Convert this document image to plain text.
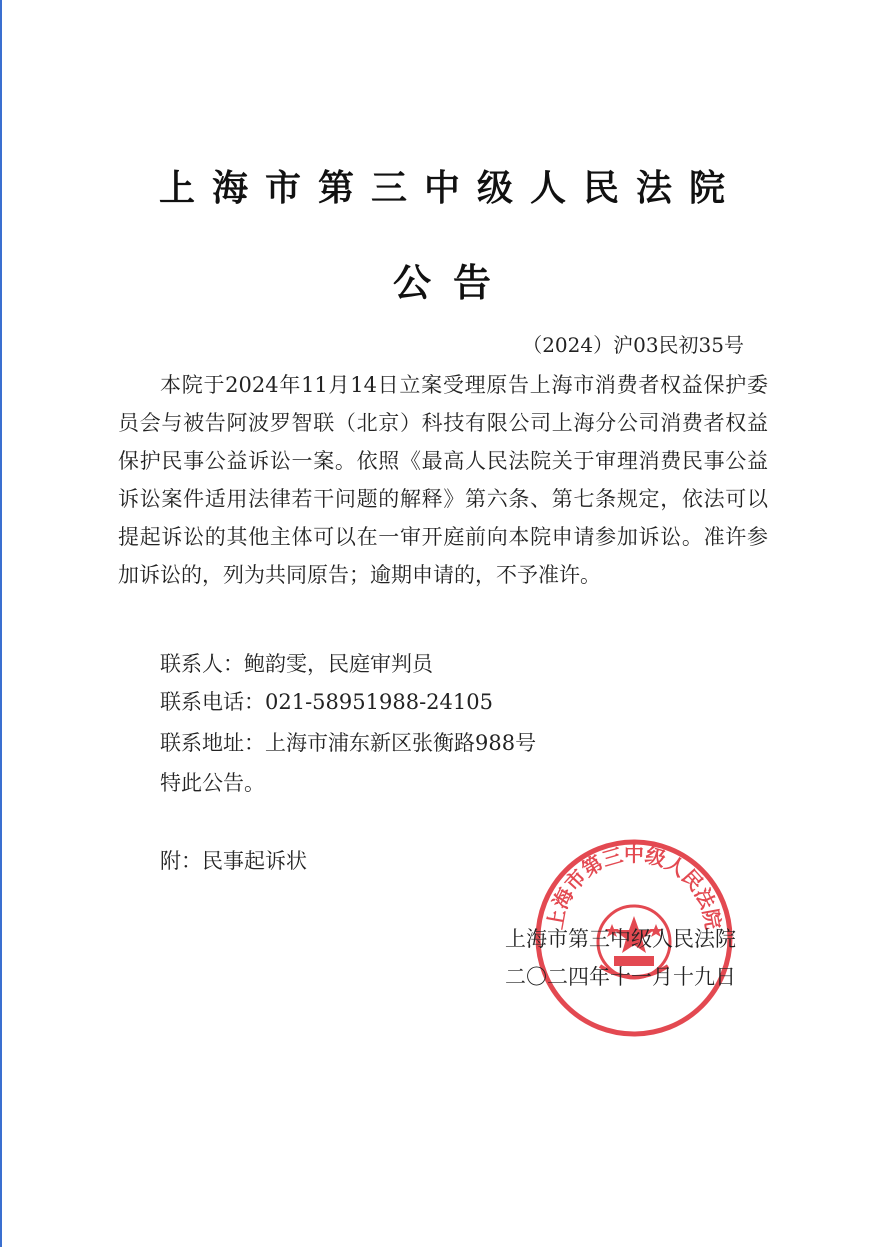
上海市第三中级人民法院
公告
（2024）沪03民初35号

本院于2024年11月14日立案受理原告上海市消费者权益保护委员会与被告阿波罗智联（北京）科技有限公司上海分公司消费者权益保护民事公益诉讼一案。依照《最高人民法院关于审理消费民事公益诉讼案件适用法律若干问题的解释》第六条、第七条规定，依法可以提起诉讼的其他主体可以在一审开庭前向本院申请参加诉讼。准许参加诉讼的，列为共同原告；逾期申请的，不予准许。

联系人：鲍韵雯，民庭审判员
联系电话：021-58951988-24105
联系地址：上海市浦东新区张衡路988号
特此公告。
附：民事起诉状
上海市第三中级人民法院
上海市第三中级人民法院
二〇二四年十一月十九日
